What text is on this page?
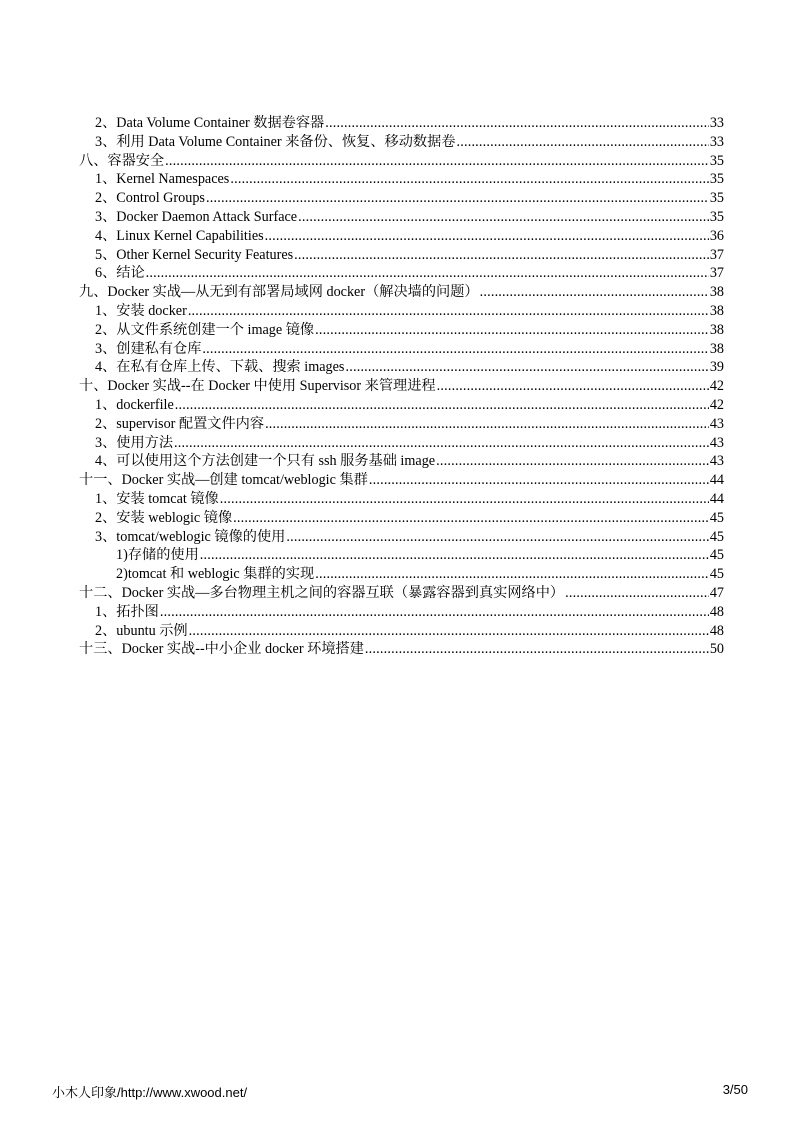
2、Data Volume Container 数据卷容器 .....	33
3、利用 Data Volume Container 来备份、恢复、移动数据卷 .....	33
八、容器安全 .....	35
1、Kernel Namespaces .....	35
2、Control Groups .....	35
3、Docker Daemon Attack Surface .....	35
4、Linux Kernel Capabilities .....	36
5、Other Kernel Security Features .....	37
6、结论 .....	37
九、Docker 实战—从无到有部署局域网 docker（解决墙的问题） .....	38
1、安装 docker .....	38
2、从文件系统创建一个 image 镜像 .....	38
3、创建私有仓库 .....	38
4、在私有仓库上传、下载、搜索 images .....	39
十、Docker 实战--在 Docker 中使用 Supervisor 来管理进程 .....	42
1、dockerfile .....	42
2、supervisor 配置文件内容 .....	43
3、使用方法 .....	43
4、可以使用这个方法创建一个只有 ssh 服务基础 image .....	43
十一、Docker 实战—创建 tomcat/weblogic 集群 .....	44
1、安装 tomcat 镜像 .....	44
2、安装 weblogic 镜像 .....	45
3、tomcat/weblogic 镜像的使用 .....	45
1)存储的使用 .....	45
2)tomcat 和 weblogic 集群的实现 .....	45
十二、Docker 实战—多台物理主机之间的容器互联（暴露容器到真实网络中） .....	47
1、拓扑图 .....	48
2、ubuntu 示例 .....	48
十三、Docker 实战--中小企业 docker 环境搭建 .....	50
小木人印象/http://www.xwood.net/	3/50
